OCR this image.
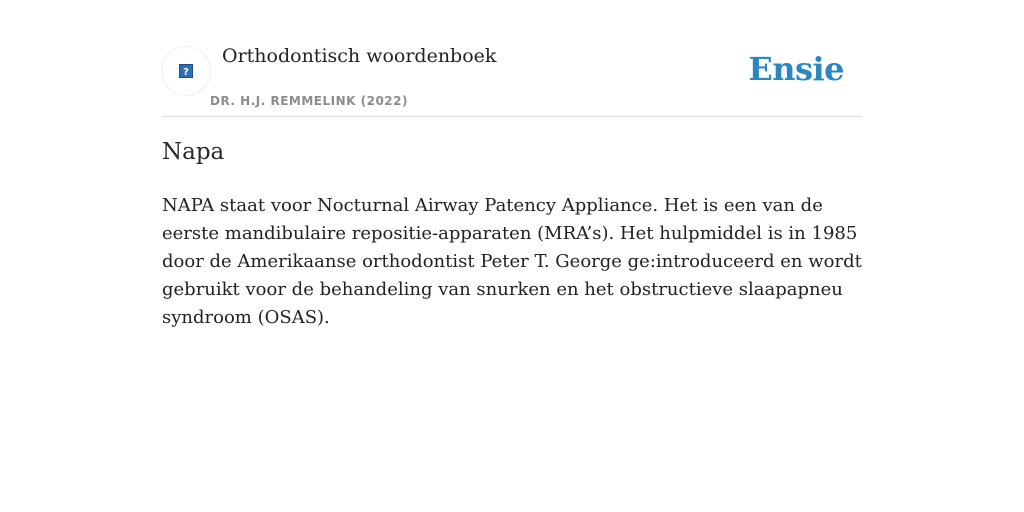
?
Orthodontisch woordenboek
DR. H.J. REMMELINK (2022)
Ensie
Napa

NAPA staat voor Nocturnal Airway Patency Appliance. Het is een van de eerste mandibulaire repositie-apparaten (MRA’s). Het hulpmiddel is in 1985 door de Amerikaanse orthodontist Peter T. George ge:introduceerd en wordt gebruikt voor de behandeling van snurken en het obstructieve slaapapneu syndroom (OSAS).
